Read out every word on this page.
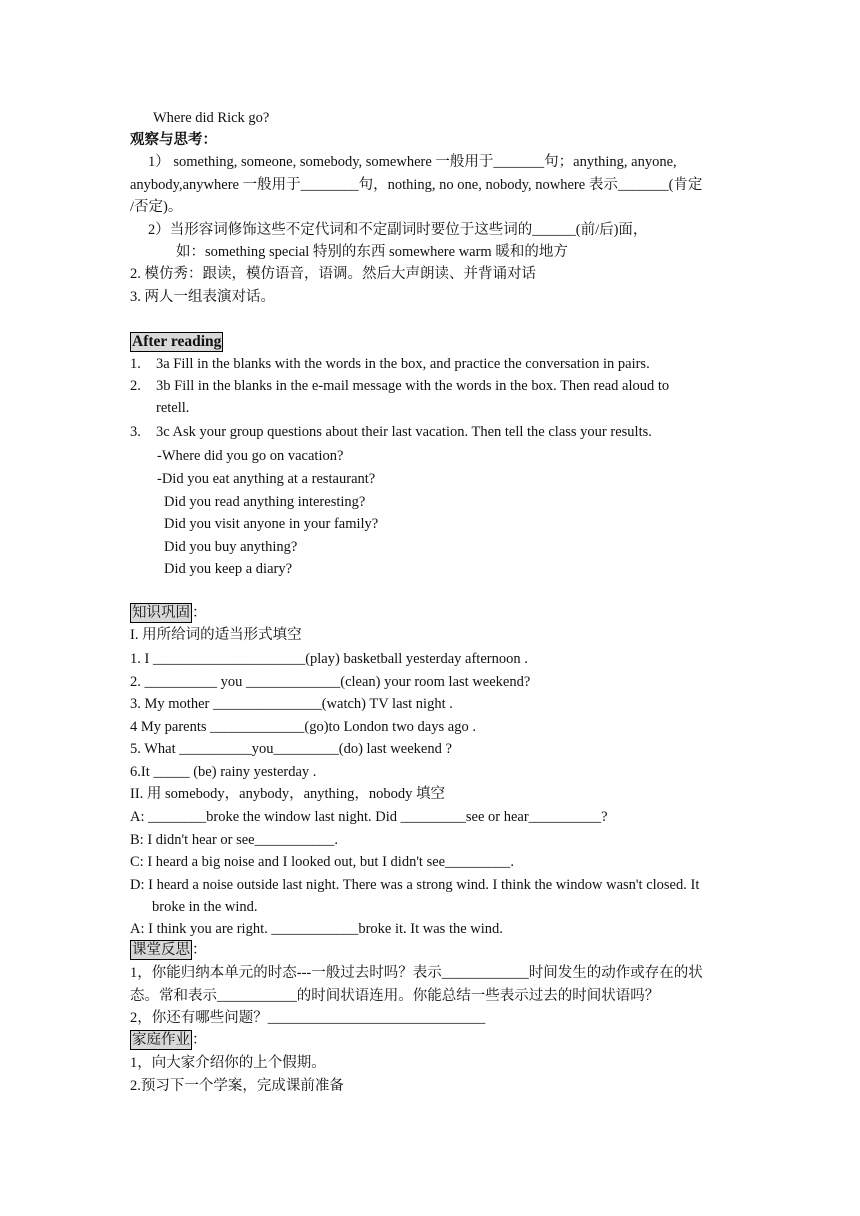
Where did Rick go?
观察与思考：
1） something, someone, somebody, somewhere 一般用于_______句；anything, anyone,
anybody,anywhere 一般用于________句，nothing, no one, nobody, nowhere 表示_______(肯定
/否定)。
2）当形容词修饰这些不定代词和不定副词时要位于这些词的______(前/后)面，
如：something special 特别的东西 somewhere warm 暖和的地方
2. 模仿秀：跟读，模仿语音，语调。然后大声朗读、并背诵对话
3. 两人一组表演对话。
After reading
1. 3a Fill in the blanks with the words in the box, and practice the conversation in pairs.
2. 3b Fill in the blanks in the e-mail message with the words in the box. Then read aloud to
retell.
3. 3c Ask your group questions about their last vacation. Then tell the class your results.
-Where did you go on vacation?
-Did you eat anything at a restaurant?
Did you read anything interesting?
Did you visit anyone in your family?
Did you buy anything?
Did you keep a diary?
知识巩固 ：
I. 用所给词的适当形式填空
1. I _____________________(play) basketball yesterday afternoon .
2. __________ you _____________(clean) your room last weekend?
3. My mother _______________(watch) TV last night .
4 My parents _____________(go)to London two days ago .
5. What __________you_________(do) last weekend ?
6.It _____ (be) rainy yesterday .
II. 用 somebody，anybody，anything，nobody 填空
A: ________broke the window last night. Did _________see or hear__________?
B: I didn't hear or see___________.
C: I heard a big noise and I looked out, but I didn't see_________.
D: I heard a noise outside last night. There was a strong wind. I think the window wasn't closed. It
broke in the wind.
A: I think you are right. ____________broke it. It was the wind.
课堂反思 ：
1，你能归纳本单元的时态---一般过去时吗？表示____________时间发生的动作或存在的状
态。常和表示___________的时间状语连用。你能总结一些表示过去的时间状语吗？
2，你还有哪些问题？______________________________
家庭作业 ：
1，向大家介绍你的上个假期。
2.预习下一个学案，完成课前准备
